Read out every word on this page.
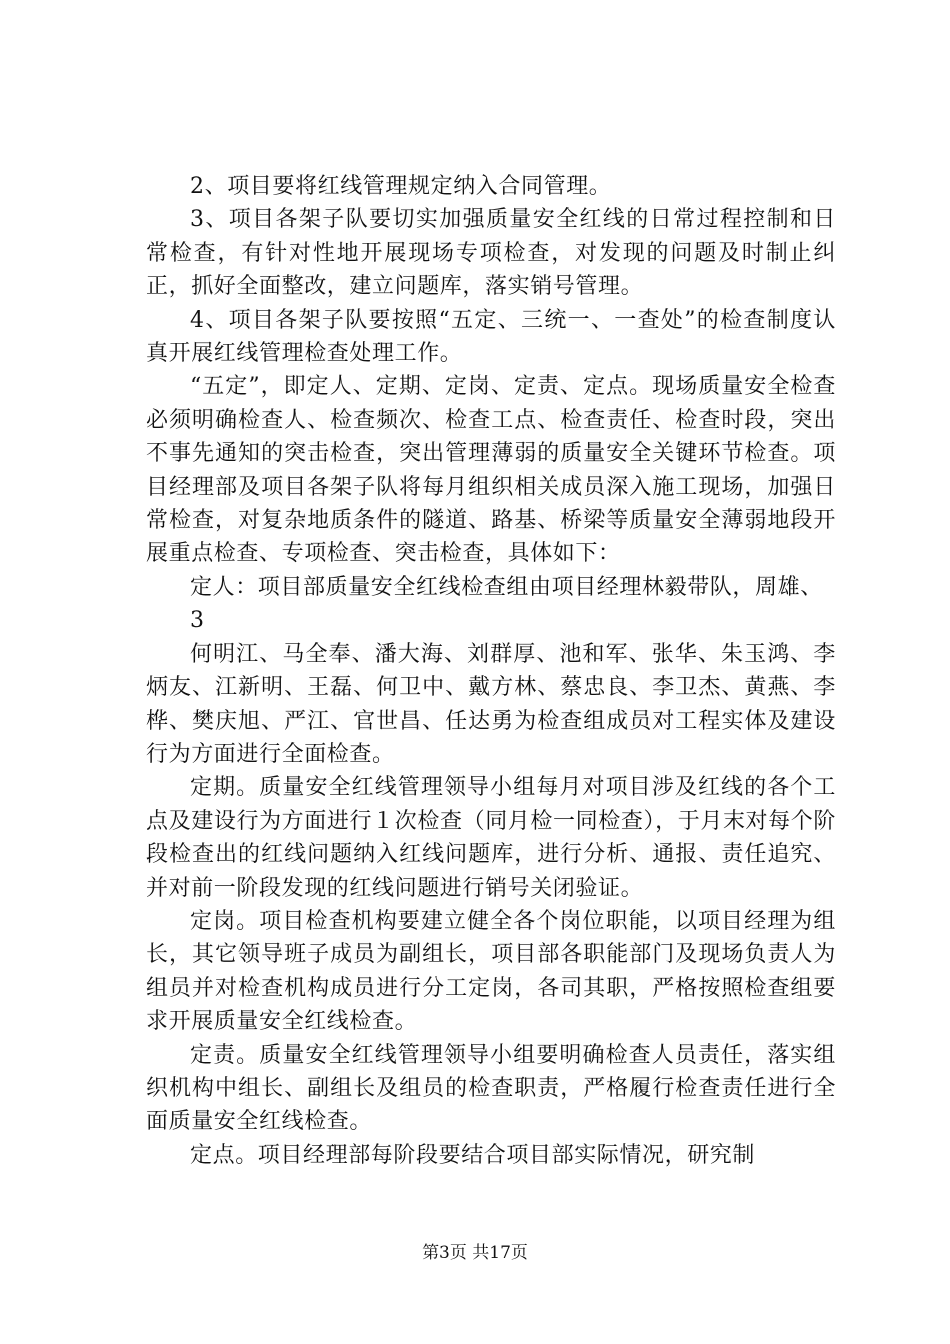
2、项目要将红线管理规定纳入合同管理。

3、项目各架子队要切实加强质量安全红线的日常过程控制和日常检查，有针对性地开展现场专项检查，对发现的问题及时制止纠正，抓好全面整改，建立问题库，落实销号管理。

4、项目各架子队要按照“五定、三统一、一查处”的检查制度认真开展红线管理检查处理工作。

“五定”，即定人、定期、定岗、定责、定点。现场质量安全检查必须明确检查人、检查频次、检查工点、检查责任、检查时段，突出不事先通知的突击检查，突出管理薄弱的质量安全关键环节检查。项目经理部及项目各架子队将每月组织相关成员深入施工现场，加强日常检查，对复杂地质条件的隧道、路基、桥梁等质量安全薄弱地段开展重点检查、专项检查、突击检查，具体如下：

定人：项目部质量安全红线检查组由项目经理林毅带队，周雄、

3

何明江、马全奉、潘大海、刘群厚、池和军、张华、朱玉鸿、李炳友、江新明、王磊、何卫中、戴方林、蔡忠良、李卫杰、黄燕、李桦、樊庆旭、严江、官世昌、任达勇为检查组成员对工程实体及建设行为方面进行全面检查。

定期。质量安全红线管理领导小组每月对项目涉及红线的各个工点及建设行为方面进行１次检查（同月检一同检查），于月末对每个阶段检查出的红线问题纳入红线问题库，进行分析、通报、责任追究、并对前一阶段发现的红线问题进行销号关闭验证。

定岗。项目检查机构要建立健全各个岗位职能，以项目经理为组长，其它领导班子成员为副组长，项目部各职能部门及现场负责人为组员并对检查机构成员进行分工定岗，各司其职，严格按照检查组要求开展质量安全红线检查。

定责。质量安全红线管理领导小组要明确检查人员责任，落实组织机构中组长、副组长及组员的检查职责，严格履行检查责任进行全面质量安全红线检查。

定点。项目经理部每阶段要结合项目部实际情况，研究制

第3页 共17页
